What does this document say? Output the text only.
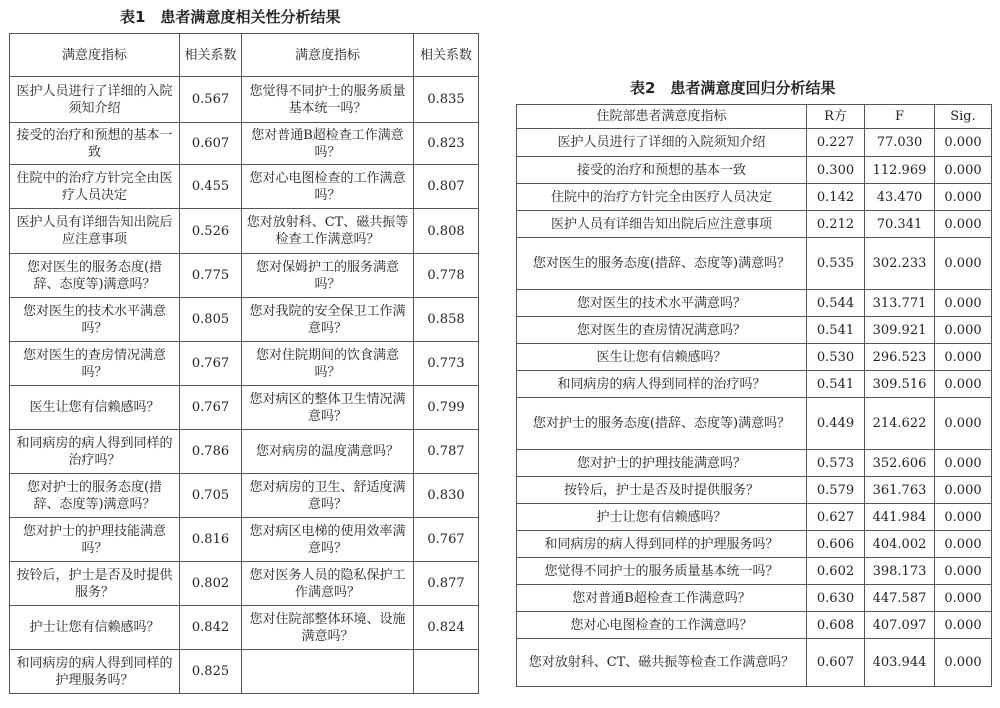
表1　患者满意度相关性分析结果
满意度指标	相关系数	满意度指标	相关系数
医护人员进行了详细的入院须知介绍	0.567	您觉得不同护士的服务质量基本统一吗？	0.835
接受的治疗和预想的基本一致	0.607	您对普通B超检查工作满意吗？	0.823
住院中的治疗方针完全由医疗人员决定	0.455	您对心电图检查的工作满意吗？	0.807
医护人员有详细告知出院后应注意事项	0.526	您对放射科、CT、磁共振等检查工作满意吗？	0.808
您对医生的服务态度(措辞、态度等)满意吗？	0.775	您对保姆护工的服务满意吗？	0.778
您对医生的技术水平满意吗？	0.805	您对我院的安全保卫工作满意吗？	0.858
您对医生的查房情况满意吗？	0.767	您对住院期间的饮食满意吗？	0.773
医生让您有信赖感吗？	0.767	您对病区的整体卫生情况满意吗？	0.799
和同病房的病人得到同样的治疗吗？	0.786	您对病房的温度满意吗？	0.787
您对护士的服务态度(措辞、态度等)满意吗？	0.705	您对病房的卫生、舒适度满意吗？	0.830
您对护士的护理技能满意吗？	0.816	您对病区电梯的使用效率满意吗？	0.767
按铃后，护士是否及时提供服务？	0.802	您对医务人员的隐私保护工作满意吗？	0.877
护士让您有信赖感吗？	0.842	您对住院部整体环境、设施满意吗？	0.824
和同病房的病人得到同样的护理服务吗？	0.825		
表2　患者满意度回归分析结果
住院部患者满意度指标	R方	F	Sig.
医护人员进行了详细的入院须知介绍	0.227	77.030	0.000
接受的治疗和预想的基本一致	0.300	112.969	0.000
住院中的治疗方针完全由医疗人员决定	0.142	43.470	0.000
医护人员有详细告知出院后应注意事项	0.212	70.341	0.000
您对医生的服务态度(措辞、态度等)满意吗？	0.535	302.233	0.000
您对医生的技术水平满意吗？	0.544	313.771	0.000
您对医生的查房情况满意吗？	0.541	309.921	0.000
医生让您有信赖感吗？	0.530	296.523	0.000
和同病房的病人得到同样的治疗吗？	0.541	309.516	0.000
您对护士的服务态度(措辞、态度等)满意吗？	0.449	214.622	0.000
您对护士的护理技能满意吗？	0.573	352.606	0.000
按铃后，护士是否及时提供服务？	0.579	361.763	0.000
护士让您有信赖感吗？	0.627	441.984	0.000
和同病房的病人得到同样的护理服务吗？	0.606	404.002	0.000
您觉得不同护士的服务质量基本统一吗？	0.602	398.173	0.000
您对普通B超检查工作满意吗？	0.630	447.587	0.000
您对心电图检查的工作满意吗？	0.608	407.097	0.000
您对放射科、CT、磁共振等检查工作满意吗？	0.607	403.944	0.000
